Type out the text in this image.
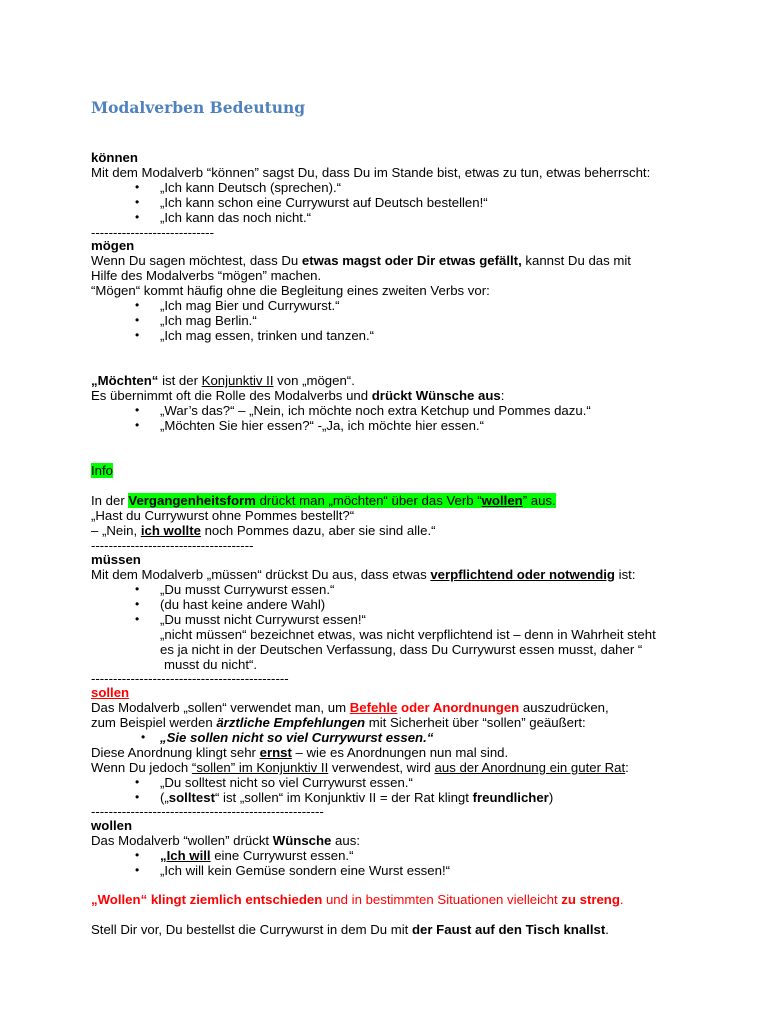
Modalverben Bedeutung
können
Mit dem Modalverb “können” sagst Du, dass Du im Stande bist, etwas zu tun, etwas beherrscht:
• „Ich kann Deutsch (sprechen).“
• „Ich kann schon eine Currywurst auf Deutsch bestellen!“
• „Ich kann das noch nicht.“
----------------------------
mögen
Wenn Du sagen möchtest, dass Du etwas magst oder Dir etwas gefällt, kannst Du das mit
Hilfe des Modalverbs “mögen” machen.
“Mögen“ kommt häufig ohne die Begleitung eines zweiten Verbs vor:
• „Ich mag Bier und Currywurst.“
• „Ich mag Berlin.“
• „Ich mag essen, trinken und tanzen.“
„Möchten“ ist der Konjunktiv II von „mögen“.
Es übernimmt oft die Rolle des Modalverbs und drückt Wünsche aus:
• „War’s das?“ – „Nein, ich möchte noch extra Ketchup und Pommes dazu.“
• „Möchten Sie hier essen?“ -„Ja, ich möchte hier essen.“
Info
In der Vergangenheitsform drückt man „möchten“ über das Verb “wollen” aus.
„Hast du Currywurst ohne Pommes bestellt?“
– „Nein, ich wollte noch Pommes dazu, aber sie sind alle.“
-------------------------------------
müssen
Mit dem Modalverb „müssen“ drückst Du aus, dass etwas verpflichtend oder notwendig ist:
• „Du musst Currywurst essen.“
• (du hast keine andere Wahl)
• „Du musst nicht Currywurst essen!“
„nicht müssen“ bezeichnet etwas, was nicht verpflichtend ist – denn in Wahrheit steht
es ja nicht in der Deutschen Verfassung, dass Du Currywurst essen musst, daher “
musst du nicht“.
---------------------------------------------
sollen
Das Modalverb „sollen“ verwendet man, um Befehle oder Anordnungen auszudrücken,
zum Beispiel werden ärztliche Empfehlungen mit Sicherheit über “sollen” geäußert:
• „Sie sollen nicht so viel Currywurst essen.“
Diese Anordnung klingt sehr ernst – wie es Anordnungen nun mal sind.
Wenn Du jedoch “sollen” im Konjunktiv II verwendest, wird aus der Anordnung ein guter Rat:
• „Du solltest nicht so viel Currywurst essen.“
• („solltest“ ist „sollen“ im Konjunktiv II = der Rat klingt freundlicher)
-----------------------------------------------------
wollen
Das Modalverb “wollen” drückt Wünsche aus:
• „Ich will eine Currywurst essen.“
• „Ich will kein Gemüse sondern eine Wurst essen!“
„Wollen“ klingt ziemlich entschieden und in bestimmten Situationen vielleicht zu streng.
Stell Dir vor, Du bestellst die Currywurst in dem Du mit der Faust auf den Tisch knallst.
